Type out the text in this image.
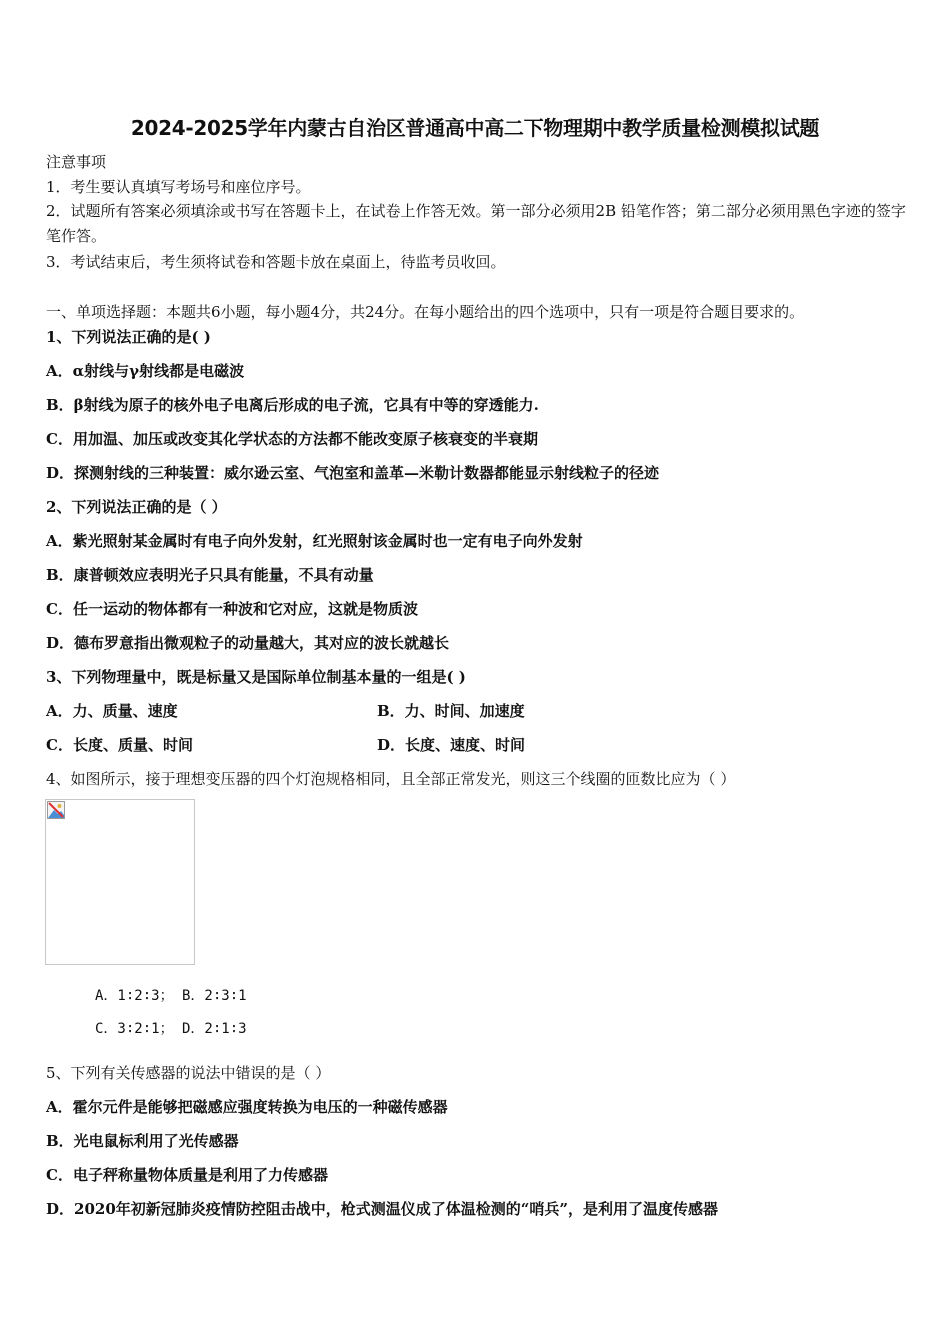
2024-2025学年内蒙古自治区普通高中高二下物理期中教学质量检测模拟试题
注意事项
1．考生要认真填写考场号和座位序号。
2．试题所有答案必须填涂或书写在答题卡上，在试卷上作答无效。第一部分必须用2B 铅笔作答；第二部分必须用黑色字迹的签字笔作答。
3．考试结束后，考生须将试卷和答题卡放在桌面上，待监考员收回。
一、单项选择题：本题共6小题，每小题4分，共24分。在每小题给出的四个选项中，只有一项是符合题目要求的。
1、下列说法正确的是( )
A．α射线与γ射线都是电磁波
B．β射线为原子的核外电子电离后形成的电子流，它具有中等的穿透能力.
C．用加温、加压或改变其化学状态的方法都不能改变原子核衰变的半衰期
D．探测射线的三种装置：威尔逊云室、气泡室和盖革—米勒计数器都能显示射线粒子的径迹
2、下列说法正确的是（ ）
A．紫光照射某金属时有电子向外发射，红光照射该金属时也一定有电子向外发射
B．康普顿效应表明光子只具有能量，不具有动量
C．任一运动的物体都有一种波和它对应，这就是物质波
D．德布罗意指出微观粒子的动量越大，其对应的波长就越长
3、下列物理量中，既是标量又是国际单位制基本量的一组是( )
A．力、质量、速度	B．力、时间、加速度
C．长度、质量、时间	D．长度、速度、时间
4、如图所示，接于理想变压器的四个灯泡规格相同，且全部正常发光，则这三个线圈的匝数比应为（ ）
A．1∶2∶3； B．2∶3∶1
C．3∶2∶1； D．2∶1∶3
5、下列有关传感器的说法中错误的是（ ）
A．霍尔元件是能够把磁感应强度转换为电压的一种磁传感器
B．光电鼠标利用了光传感器
C．电子秤称量物体质量是利用了力传感器
D．2020年初新冠肺炎疫情防控阻击战中，枪式测温仪成了体温检测的“哨兵”，是利用了温度传感器
